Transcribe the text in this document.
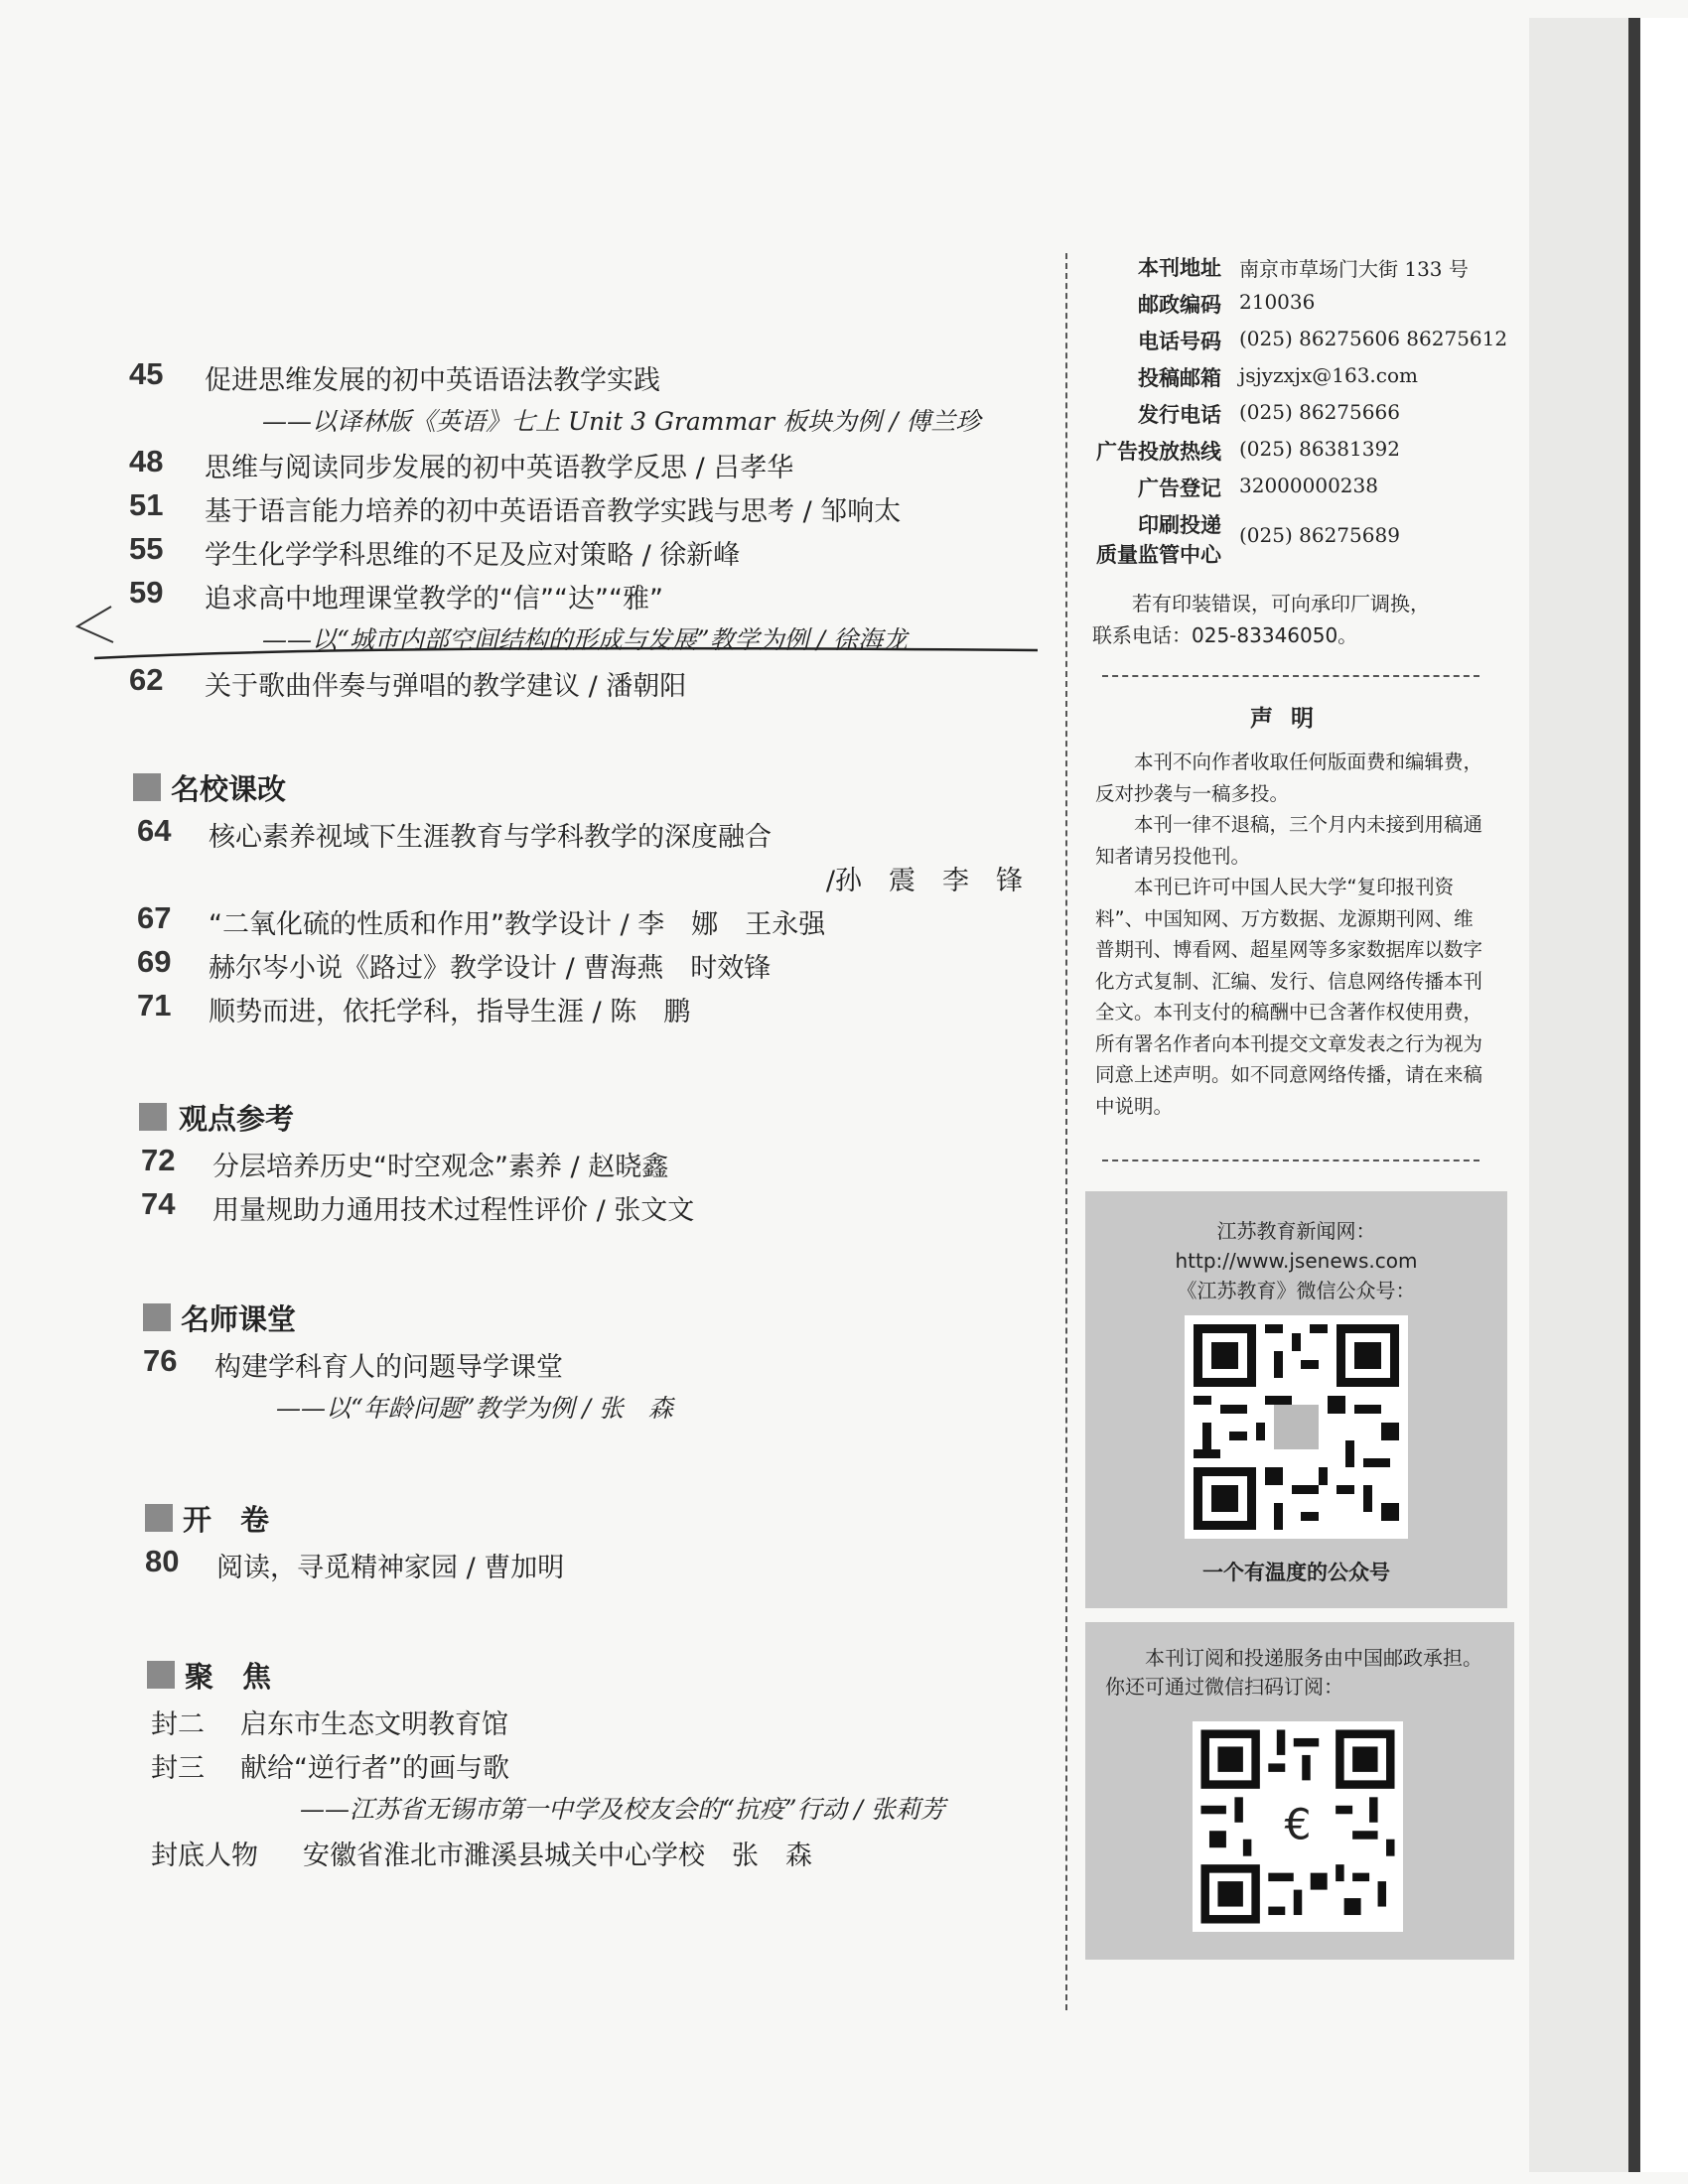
45	促进思维发展的初中英语语法教学实践
——以译林版《英语》七上 Unit 3 Grammar 板块为例 / 傅兰珍
48	思维与阅读同步发展的初中英语教学反思 / 吕孝华
51	基于语言能力培养的初中英语语音教学实践与思考 / 邹响太
55	学生化学学科思维的不足及应对策略 / 徐新峰
59	追求高中地理课堂教学的“信”“达”“雅”
——以“城市内部空间结构的形成与发展”教学为例 / 徐海龙
62	关于歌曲伴奏与弹唱的教学建议 / 潘朝阳
名校课改
64	核心素养视域下生涯教育与学科教学的深度融合
/孙　震　李　锋
67	“二氧化硫的性质和作用”教学设计 / 李　娜　王永强
69	赫尔岑小说《路过》教学设计 / 曹海燕　时效锋
71	顺势而进，依托学科，指导生涯 / 陈　鹏
观点参考
72	分层培养历史“时空观念”素养 / 赵晓鑫
74	用量规助力通用技术过程性评价 / 张文文
名师课堂
76	构建学科育人的问题导学课堂
——以“年龄问题”教学为例 / 张　森
开　卷
80	阅读，寻觅精神家园 / 曹加明
聚　焦
封二 启东市生态文明教育馆
封三 献给“逆行者”的画与歌
——江苏省无锡市第一中学及校友会的“抗疫”行动 / 张莉芳
封底人物 安徽省淮北市濉溪县城关中心学校　张　森
本刊地址 南京市草场门大街 133 号
邮政编码 210036
电话号码 (025) 86275606 86275612
投稿邮箱 jsjyzxjx@163.com
发行电话 (025) 86275666
广告投放热线 (025) 86381392
广告登记 32000000238
印刷投递
质量监管中心
(025) 86275689
若有印装错误，可向承印厂调换，
联系电话：025-83346050。
声明

本刊不向作者收取任何版面费和编辑费，反对抄袭与一稿多投。

本刊一律不退稿，三个月内未接到用稿通知者请另投他刊。

本刊已许可中国人民大学“复印报刊资料”、中国知网、万方数据、龙源期刊网、维普期刊、博看网、超星网等多家数据库以数字化方式复制、汇编、发行、信息网络传播本刊全文。本刊支付的稿酬中已含著作权使用费，所有署名作者向本刊提交文章发表之行为视为同意上述声明。如不同意网络传播，请在来稿中说明。

江苏教育新闻网：
http://www.jsenews.com
《江苏教育》微信公众号：
一个有温度的公众号
本刊订阅和投递服务由中国邮政承担。你还可通过微信扫码订阅：
€
